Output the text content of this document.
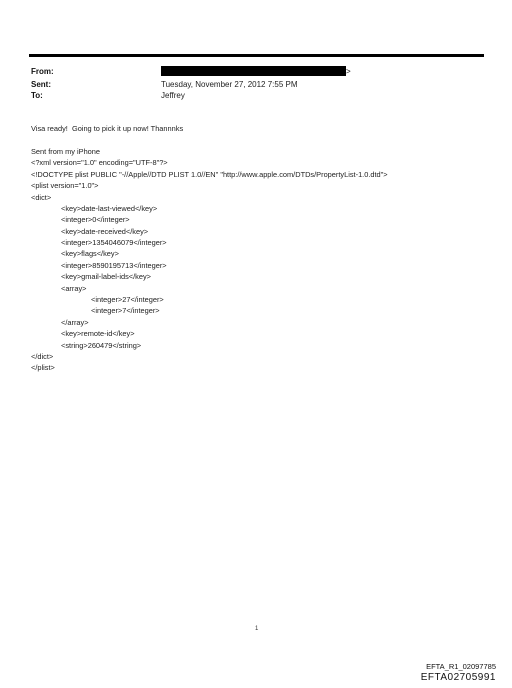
From:	>
Sent:	Tuesday, November 27, 2012 7:55 PM
To:	Jeffrey
Visa ready!  Going to pick it up now! Thannnks
Sent from my iPhone
<?xml version="1.0" encoding="UTF-8"?>
<!DOCTYPE plist PUBLIC "-//Apple//DTD PLIST 1.0//EN" "http://www.apple.com/DTDs/PropertyList-1.0.dtd">
<plist version="1.0">
<dict>
<key>date-last-viewed</key>
<integer>0</integer>
<key>date-received</key>
<integer>1354046079</integer>
<key>flags</key>
<integer>8590195713</integer>
<key>gmail-label-ids</key>
<array>
<integer>27</integer>
<integer>7</integer>
</array>
<key>remote-id</key>
<string>260479</string>
</dict>
</plist>
1
EFTA_R1_02097785
EFTA02705991
